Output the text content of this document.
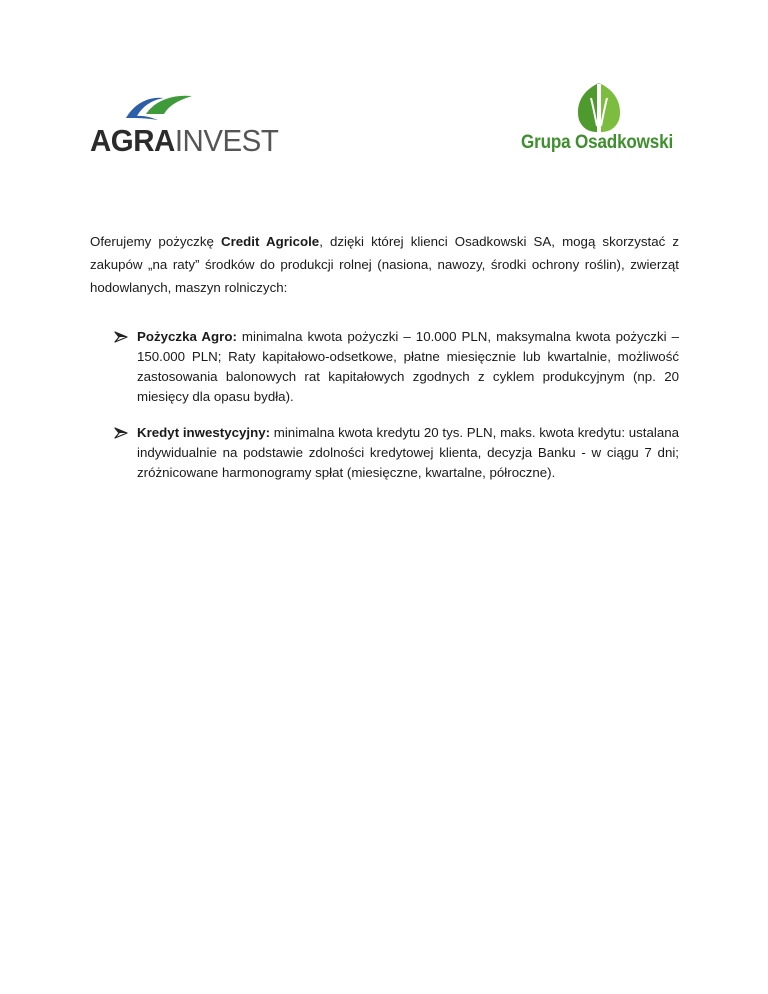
AGRAINVEST	Grupa Osadkowski

Oferujemy pożyczkę Credit Agricole, dzięki której klienci Osadkowski SA, mogą skorzystać z zakupów „na raty” środków do produkcji rolnej (nasiona, nawozy, środki ochrony roślin), zwierząt hodowlanych, maszyn rolniczych:

Pożyczka Agro: minimalna kwota pożyczki – 10.000 PLN, maksymalna kwota pożyczki – 150.000 PLN; Raty kapitałowo-odsetkowe, płatne miesięcznie lub kwartalnie, możliwość zastosowania balonowych rat kapitałowych zgodnych z cyklem produkcyjnym (np. 20 miesięcy dla opasu bydła).
Kredyt inwestycyjny: minimalna kwota kredytu 20 tys. PLN, maks. kwota kredytu: ustalana indywidualnie na podstawie zdolności kredytowej klienta, decyzja Banku - w ciągu 7 dni; zróżnicowane harmonogramy spłat (miesięczne, kwartalne, półroczne).
